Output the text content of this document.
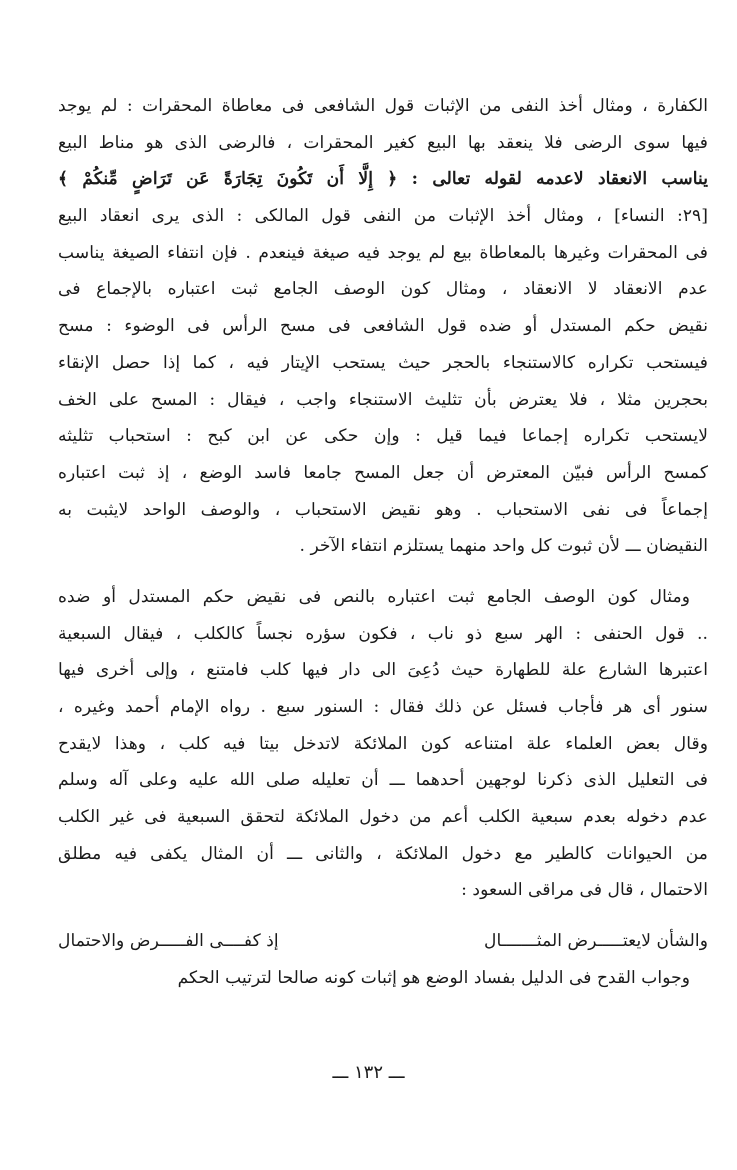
الكفارة ، ومثال أخذ النفى من الإثبات قول الشافعى فى معاطاة المحقرات : لم يوجد
فيها سوى الرضى فلا ينعقد بها البيع كغير المحقرات ، فالرضى الذى هو مناط البيع
يناسب الانعقاد لاعدمه لقوله تعالى : ﴿ إِلَّا أَن تَكُونَ تِجَارَةً عَن تَرَاضٍ مِّنكُمْ ﴾
[٢٩: النساء] ، ومثال أخذ الإثبات من النفى قول المالكى : الذى يرى انعقاد البيع
فى المحقرات وغيرها بالمعاطاة بيع لم يوجد فيه صيغة فينعدم . فإن انتفاء الصيغة يناسب
عدم الانعقاد لا الانعقاد ، ومثال كون الوصف الجامع ثبت اعتباره بالإجماع فى
نقيض حكم المستدل أو ضده قول الشافعى فى مسح الرأس فى الوضوء : مسح
فيستحب تكراره كالاستنجاء بالحجر حيث يستحب الإيتار فيه ، كما إذا حصل الإنقاء
بحجرين مثلا ، فلا يعترض بأن تثليث الاستنجاء واجب ، فيقال : المسح على الخف
لايستحب تكراره إجماعا فيما قيل : وإن حكى عن ابن كبح : استحباب تثليثه
كمسح الرأس فبيّن المعترض أن جعل المسح جامعا فاسد الوضع ، إذ ثبت اعتباره
إجماعاً فى نفى الاستحباب . وهو نقيض الاستحباب ، والوصف الواحد لايثبت به
النقيضان ـــ لأن ثبوت كل واحد منهما يستلزم انتفاء الآخر .
ومثال كون الوصف الجامع ثبت اعتباره بالنص فى نقيض حكم المستدل أو ضده
.. قول الحنفى : الهر سبع ذو ناب ، فكون سؤره نجساً كالكلب ، فيقال السبعية
اعتبرها الشارع علة للطهارة حيث دُعِىَ الى دار فيها كلب فامتنع ، وإلى أخرى فيها
سنور أى هر فأجاب فسئل عن ذلك فقال : السنور سبع . رواه الإمام أحمد وغيره ،
وقال بعض العلماء علة امتناعه كون الملائكة لاتدخل بيتا فيه كلب ، وهذا لايقدح
فى التعليل الذى ذكرنا لوجهين أحدهما ـــ أن تعليله صلى الله عليه وعلى آله وسلم
عدم دخوله بعدم سبعية الكلب أعم من دخول الملائكة لتحقق السبعية فى غير الكلب
من الحيوانات كالطير مع دخول الملائكة ، والثانى ـــ أن المثال يكفى فيه مطلق
الاحتمال ، قال فى مراقى السعود :
والشأن لايعتـــــرض المثـــــــال
إذ كفــــى الفـــــرض والاحتمال
وجواب القدح فى الدليل بفساد الوضع هو إثبات كونه صالحا لترتيب الحكم
ـــ ١٣٢ ـــ
